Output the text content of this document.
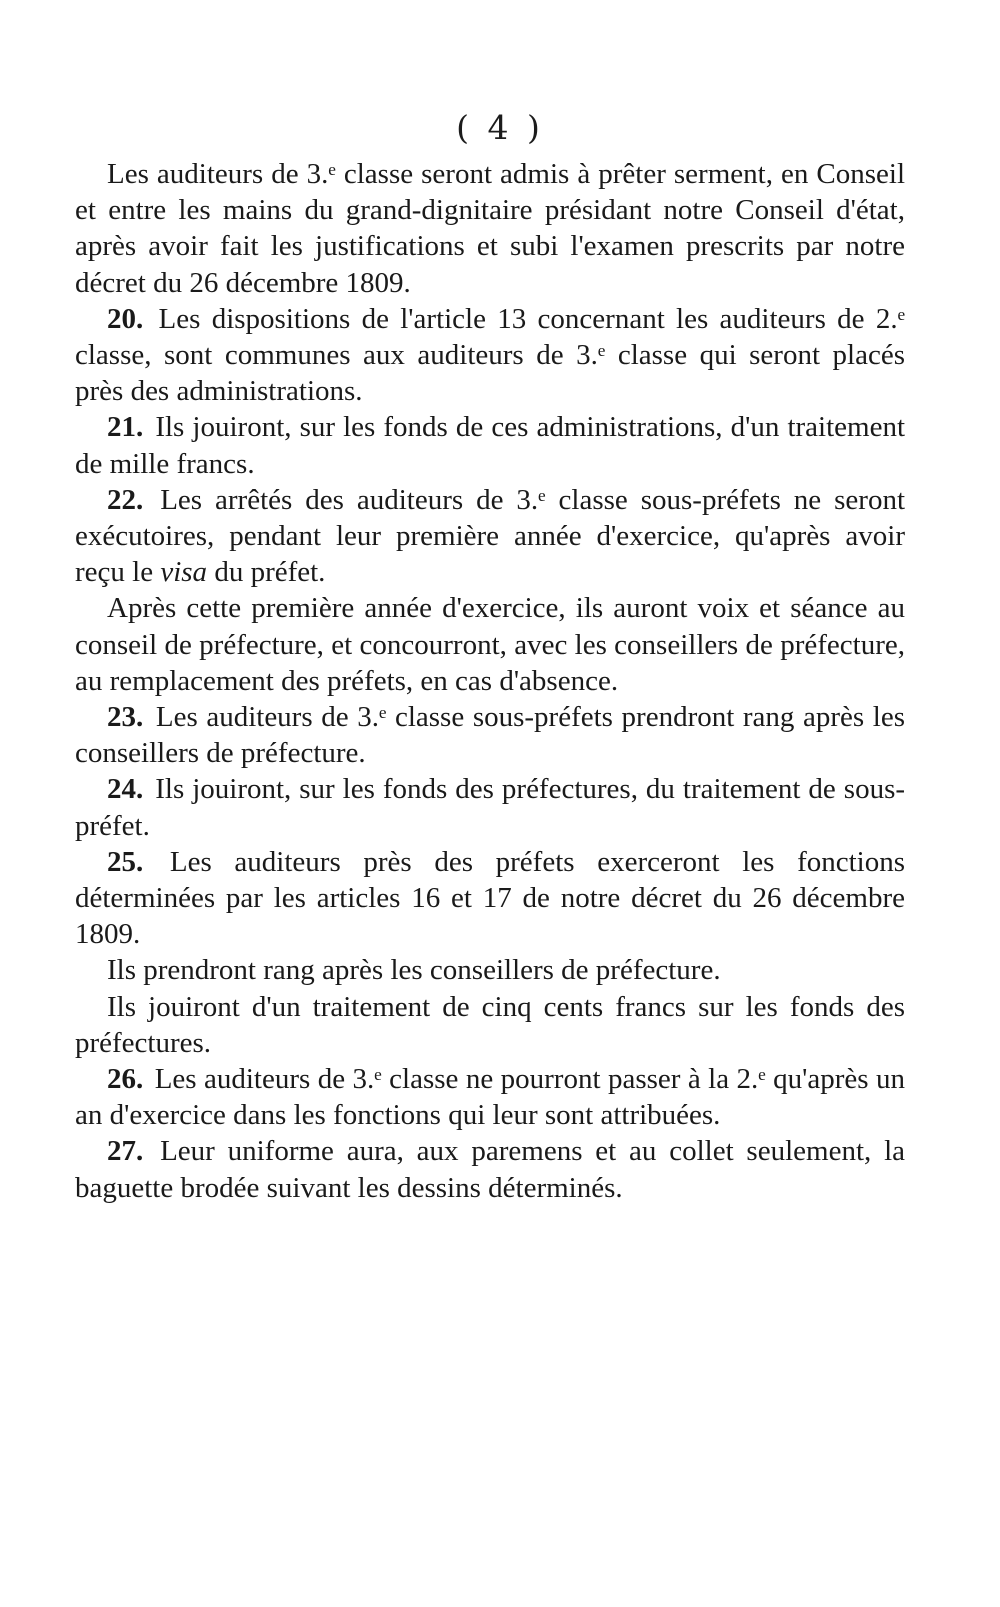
( 4 )

Les auditeurs de 3.ᵉ classe seront admis à prêter serment, en Conseil et entre les mains du grand-dignitaire présidant notre Conseil d'état, après avoir fait les justifications et subi l'examen prescrits par notre décret du 26 décembre 1809.

20. Les dispositions de l'article 13 concernant les auditeurs de 2.ᵉ classe, sont communes aux auditeurs de 3.ᵉ classe qui seront placés près des administrations.

21. Ils jouiront, sur les fonds de ces administrations, d'un traitement de mille francs.

22. Les arrêtés des auditeurs de 3.ᵉ classe sous-préfets ne seront exécutoires, pendant leur première année d'exercice, qu'après avoir reçu le visa du préfet.

Après cette première année d'exercice, ils auront voix et séance au conseil de préfecture, et concourront, avec les conseillers de préfecture, au remplacement des préfets, en cas d'absence.

23. Les auditeurs de 3.ᵉ classe sous-préfets prendront rang après les conseillers de préfecture.

24. Ils jouiront, sur les fonds des préfectures, du traitement de sous-préfet.

25. Les auditeurs près des préfets exerceront les fonctions déterminées par les articles 16 et 17 de notre décret du 26 décembre 1809.

Ils prendront rang après les conseillers de préfecture.

Ils jouiront d'un traitement de cinq cents francs sur les fonds des préfectures.

26. Les auditeurs de 3.ᵉ classe ne pourront passer à la 2.ᵉ qu'après un an d'exercice dans les fonctions qui leur sont attribuées.

27. Leur uniforme aura, aux paremens et au collet seulement, la baguette brodée suivant les dessins déterminés.
